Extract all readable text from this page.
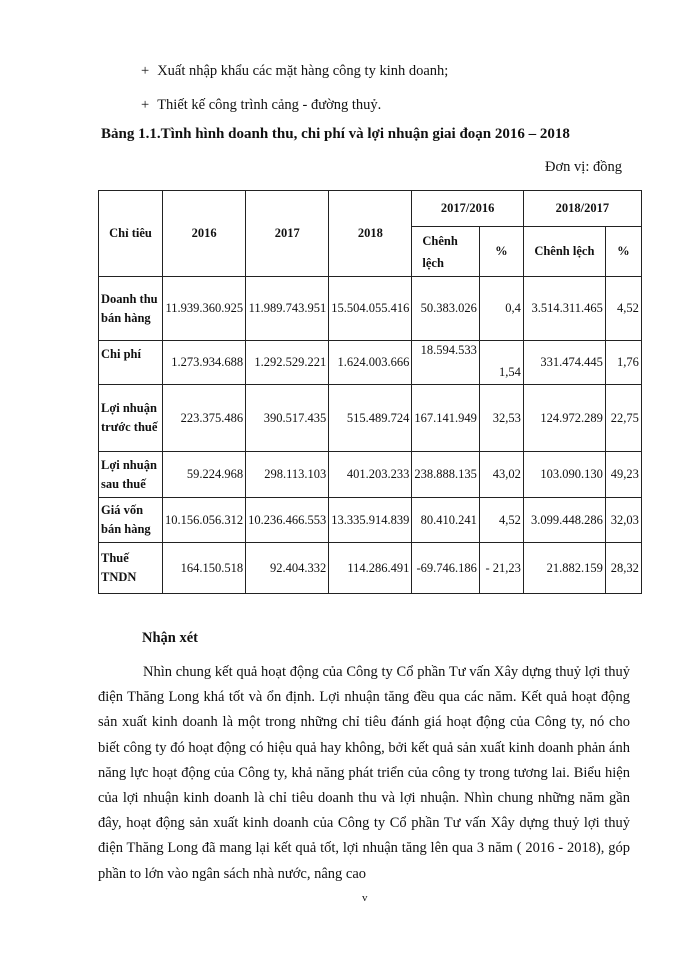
+ Xuất nhập khẩu các mặt hàng công ty kinh doanh;
+ Thiết kế công trình cảng - đường thuỷ.
Bảng 1.1.Tình hình doanh thu, chi phí và lợi nhuận giai đoạn 2016 – 2018
Đơn vị: đồng
Chỉ tiêu	2016	2017	2018	2017/2016		2018/2017	
				Chênh lệch	%	Chênh lệch	%
Doanh thu bán hàng	11.939.360.925	11.989.743.951	15.504.055.416	50.383.026	0,4	3.514.311.465	4,52
Chi phí	1.273.934.688	1.292.529.221	1.624.003.666	18.594.533	1,54	331.474.445	1,76
Lợi nhuận trước thuế	223.375.486	390.517.435	515.489.724	167.141.949	32,53	124.972.289	22,75
Lợi nhuận sau thuế	59.224.968	298.113.103	401.203.233	238.888.135	43,02	103.090.130	49,23
Giá vốn bán hàng	10.156.056.312	10.236.466.553	13.335.914.839	80.410.241	4,52	3.099.448.286	32,03
Thuế TNDN	164.150.518	92.404.332	114.286.491	-69.746.186	- 21,23	21.882.159	28,32
Nhận xét

Nhìn chung kết quả hoạt động của Công ty Cổ phần Tư vấn Xây dựng thuỷ lợi thuỷ điện Thăng Long khá tốt và ổn định. Lợi nhuận tăng đều qua các năm. Kết quả hoạt động sản xuất kinh doanh là một trong những chỉ tiêu đánh giá hoạt động của Công ty, nó cho biết công ty đó hoạt động có hiệu quả hay không, bởi kết quả sản xuất kinh doanh phản ánh năng lực hoạt động của Công ty, khả năng phát triển của công ty trong tương lai. Biểu hiện của lợi nhuận kinh doanh là chỉ tiêu doanh thu và lợi nhuận. Nhìn chung những năm gần đây, hoạt động sản xuất kinh doanh của Công ty Cổ phần Tư vấn Xây dựng thuỷ lợi thuỷ điện Thăng Long đã mang lại kết quả tốt, lợi nhuận tăng lên qua 3 năm ( 2016 - 2018), góp phần to lớn vào ngân sách nhà nước, nâng cao

v
